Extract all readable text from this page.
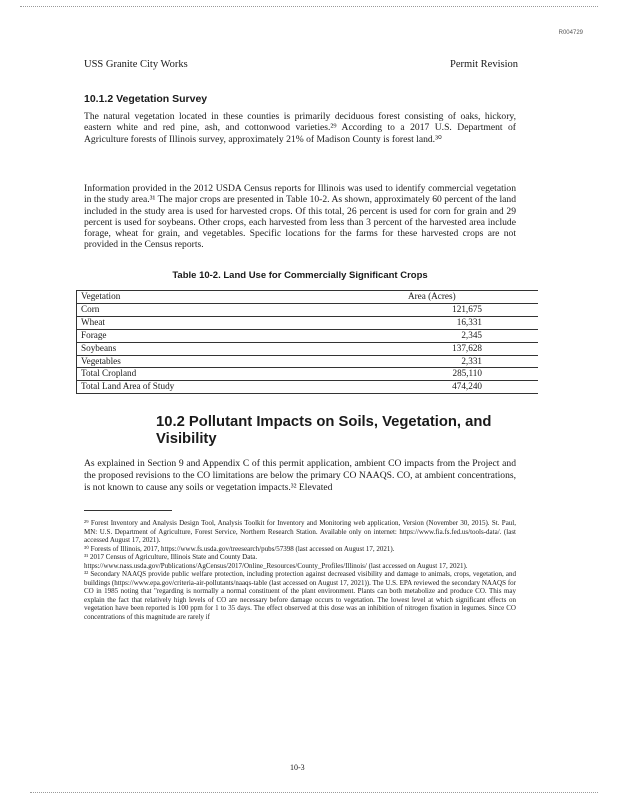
R004729
USS Granite City Works	Permit Revision
10.1.2 Vegetation Survey

The natural vegetation located in these counties is primarily deciduous forest consisting of oaks, hickory, eastern white and red pine, ash, and cottonwood varieties.²⁹ According to a 2017 U.S. Department of Agriculture forests of Illinois survey, approximately 21% of Madison County is forest land.³⁰

Information provided in the 2012 USDA Census reports for Illinois was used to identify commercial vegetation in the study area.³¹ The major crops are presented in Table 10-2. As shown, approximately 60 percent of the land included in the study area is used for harvested crops. Of this total, 26 percent is used for corn for grain and 29 percent is used for soybeans. Other crops, each harvested from less than 3 percent of the harvested area include forage, wheat for grain, and vegetables. Specific locations for the farms for these harvested crops are not provided in the Census reports.

Table 10-2. Land Use for Commercially Significant Crops
Vegetation	Area (Acres)
Corn	121,675
Wheat	16,331
Forage	2,345
Soybeans	137,628
Vegetables	2,331
Total Cropland	285,110
Total Land Area of Study	474,240
10.2 Pollutant Impacts on Soils, Vegetation, and Visibility

As explained in Section 9 and Appendix C of this permit application, ambient CO impacts from the Project and the proposed revisions to the CO limitations are below the primary CO NAAQS. CO, at ambient concentrations, is not known to cause any soils or vegetation impacts.³² Elevated

²⁹ Forest Inventory and Analysis Design Tool, Analysis Toolkit for Inventory and Monitoring web application, Version (November 30, 2015). St. Paul, MN: U.S. Department of Agriculture, Forest Service, Northern Research Station. Available only on internet: https://www.fia.fs.fed.us/tools-data/. (last accessed August 17, 2021).

³⁰ Forests of Illinois, 2017, https://www.fs.usda.gov/treesearch/pubs/57398 (last accessed on August 17, 2021).

³¹ 2017 Census of Agriculture, Illinois State and County Data.

https://www.nass.usda.gov/Publications/AgCensus/2017/Online_Resources/County_Profiles/Illinois/ (last accessed on August 17, 2021).

³² Secondary NAAQS provide public welfare protection, including protection against decreased visibility and damage to animals, crops, vegetation, and buildings (https://www.epa.gov/criteria-air-pollutants/naaqs-table (last accessed on August 17, 2021)). The U.S. EPA reviewed the secondary NAAQS for CO in 1985 noting that "regarding is normally a normal constituent of the plant environment. Plants can both metabolize and produce CO. This may explain the fact that relatively high levels of CO are necessary before damage occurs to vegetation. The lowest level at which significant effects on vegetation have been reported is 100 ppm for 1 to 35 days. The effect observed at this dose was an inhibition of nitrogen fixation in legumes. Since CO concentrations of this magnitude are rarely if

10-3
